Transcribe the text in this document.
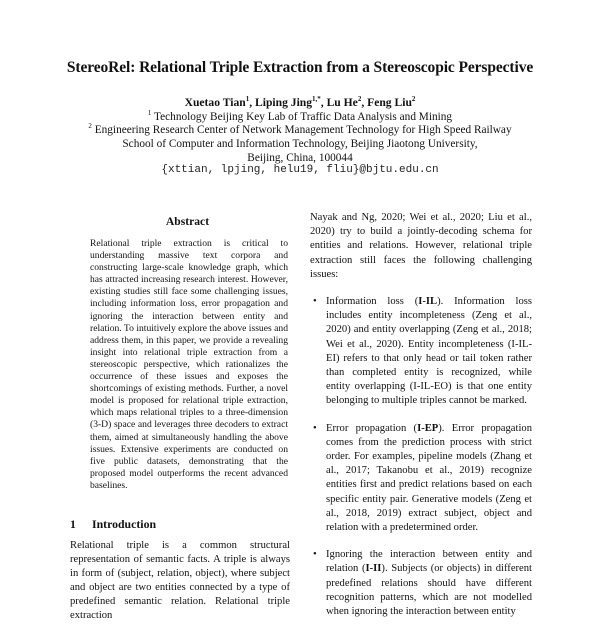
StereoRel: Relational Triple Extraction from a Stereoscopic Perspective
Xuetao Tian$^1$, Liping Jing$^{1,*}$, Lu He$^2$, Feng Liu$^2$
$^1$ Technology Beijing Key Lab of Traffic Data Analysis and Mining
$^2$ Engineering Research Center of Network Management Technology for High Speed Railway
School of Computer and Information Technology, Beijing Jiaotong University,
Beijing, China, 100044
{xttian, lpjing, helu19, fliu}@bjtu.edu.cn
Abstract
Relational triple extraction is critical to understanding massive text corpora and constructing large-scale knowledge graph, which has attracted increasing research interest. However, existing studies still face some challenging issues, including information loss, error propagation and ignoring the interaction between entity and relation. To intuitively explore the above issues and address them, in this paper, we provide a revealing insight into relational triple extraction from a stereoscopic perspective, which rationalizes the occurrence of these issues and exposes the shortcomings of existing methods. Further, a novel model is proposed for relational triple extraction, which maps relational triples to a three-dimension (3-D) space and leverages three decoders to extract them, aimed at simultaneously handling the above issues. Extensive experiments are conducted on five public datasets, demonstrating that the proposed model outperforms the recent advanced baselines.
1 Introduction
Relational triple is a common structural representation of semantic facts. A triple is always in form of (subject, relation, object), where subject and object are two entities connected by a type of predefined semantic relation. Relational triple extraction

Nayak and Ng, 2020; Wei et al., 2020; Liu et al., 2020) try to build a jointly-decoding schema for entities and relations. However, relational triple extraction still faces the following challenging issues:

• Information loss (I-IL). Information loss includes entity incompleteness (Zeng et al., 2020) and entity overlapping (Zeng et al., 2018; Wei et al., 2020). Entity incompleteness (I-IL-EI) refers to that only head or tail token rather than completed entity is recognized, while entity overlapping (I-IL-EO) is that one entity belonging to multiple triples cannot be marked.
• Error propagation (I-EP). Error propagation comes from the prediction process with strict order. For examples, pipeline models (Zhang et al., 2017; Takanobu et al., 2019) recognize entities first and predict relations based on each specific entity pair. Generative models (Zeng et al., 2018, 2019) extract subject, object and relation with a predetermined order.
• Ignoring the interaction between entity and relation (I-II). Subjects (or objects) in different predefined relations should have different recognition patterns, which are not modelled when ignoring the interaction between entity
